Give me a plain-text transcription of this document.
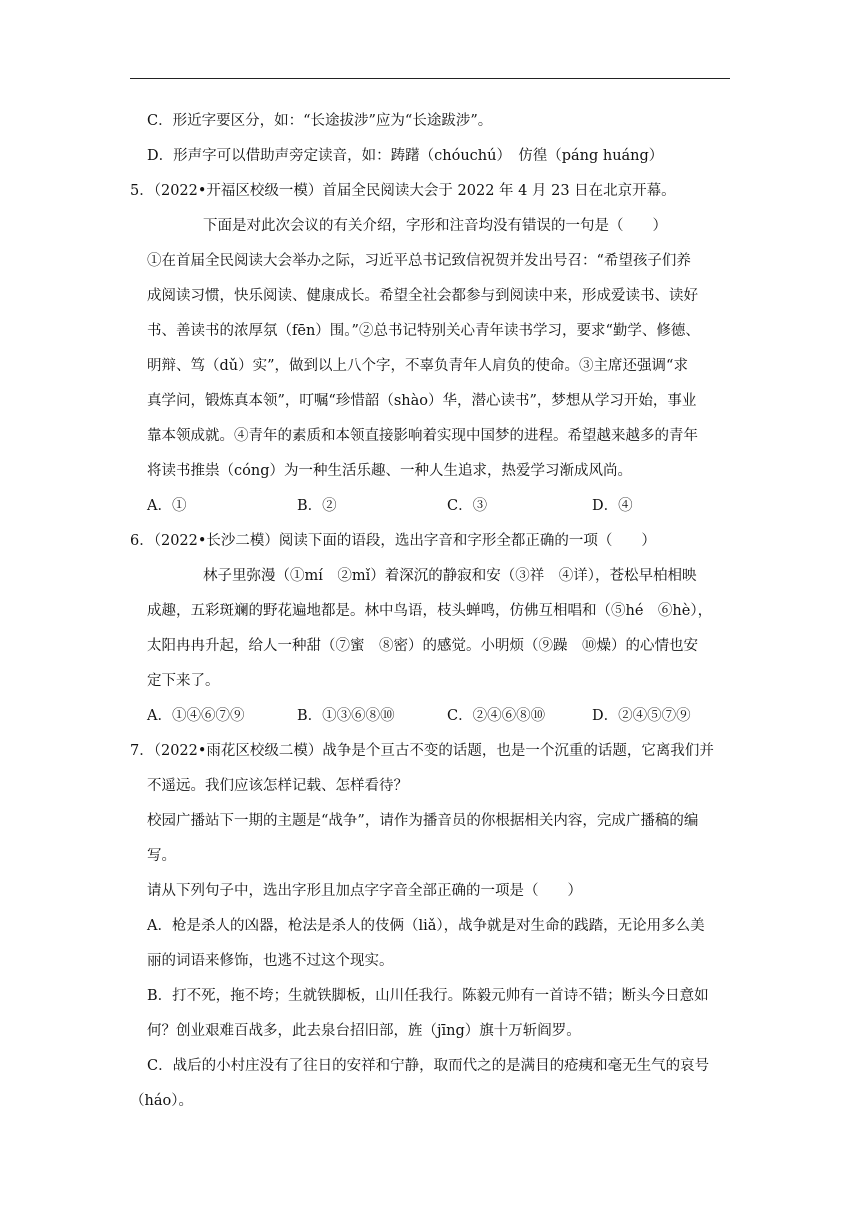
C．形近字要区分，如：“长途拔涉”应为“长途跋涉”。

D．形声字可以借助声旁定读音，如：踌躇（chóuchú）　仿徨（páng huáng）

5．（2022•开福区校级一模）首届全民阅读大会于 2022 年 4 月 23 日在北京开幕。

下面是对此次会议的有关介绍，字形和注音均没有错误的一句是（　　）

①在首届全民阅读大会举办之际，习近平总书记致信祝贺并发出号召：“希望孩子们养

成阅读习惯，快乐阅读、健康成长。希望全社会都参与到阅读中来，形成爱读书、读好

书、善读书的浓厚氛（fēn）围。”②总书记特别关心青年读书学习，要求“勤学、修德、

明辩、笃（dǔ）实”，做到以上八个字，不辜负青年人肩负的使命。③主席还强调“求

真学问，锻炼真本领”，叮嘱“珍惜韶（shào）华，潜心读书”，梦想从学习开始，事业

靠本领成就。④青年的素质和本领直接影响着实现中国梦的进程。希望越来越多的青年

将读书推祟（cóng）为一种生活乐趣、一种人生追求，热爱学习渐成风尚。

A．①	B．②	C．③	D．④

6．（2022•长沙二模）阅读下面的语段，选出字音和字形全都正确的一项（　　）

林子里弥漫（①mí　②mǐ）着深沉的静寂和安（③祥　④详），苍松早柏相映

成趣，五彩斑斓的野花遍地都是。林中鸟语，枝头蝉鸣，仿佛互相唱和（⑤hé　⑥hè），

太阳冉冉升起，给人一种甜（⑦蜜　⑧密）的感觉。小明烦（⑨躁　⑩燥）的心情也安

定下来了。

A．①④⑥⑦⑨	B．①③⑥⑧⑩	C．②④⑥⑧⑩	D．②④⑤⑦⑨

7．（2022•雨花区校级二模）战争是个亘古不变的话题，也是一个沉重的话题，它离我们并

不遥远。我们应该怎样记载、怎样看待？

校园广播站下一期的主题是“战争”，请作为播音员的你根据相关内容，完成广播稿的编

写。

请从下列句子中，选出字形且加点字字音全部正确的一项是（　　）

A．枪是杀人的凶器，枪法是杀人的伎俩（liǎ），战争就是对生命的践踏，无论用多么美

丽的词语来修饰，也逃不过这个现实。

B．打不死，拖不垮；生就铁脚板，山川任我行。陈毅元帅有一首诗不错；断头今日意如

何？创业艰难百战多，此去泉台招旧部，旌（jīng）旗十万斩阎罗。

C．战后的小村庄没有了往日的安祥和宁静，取而代之的是满目的疮痍和毫无生气的哀号

（háo）。
